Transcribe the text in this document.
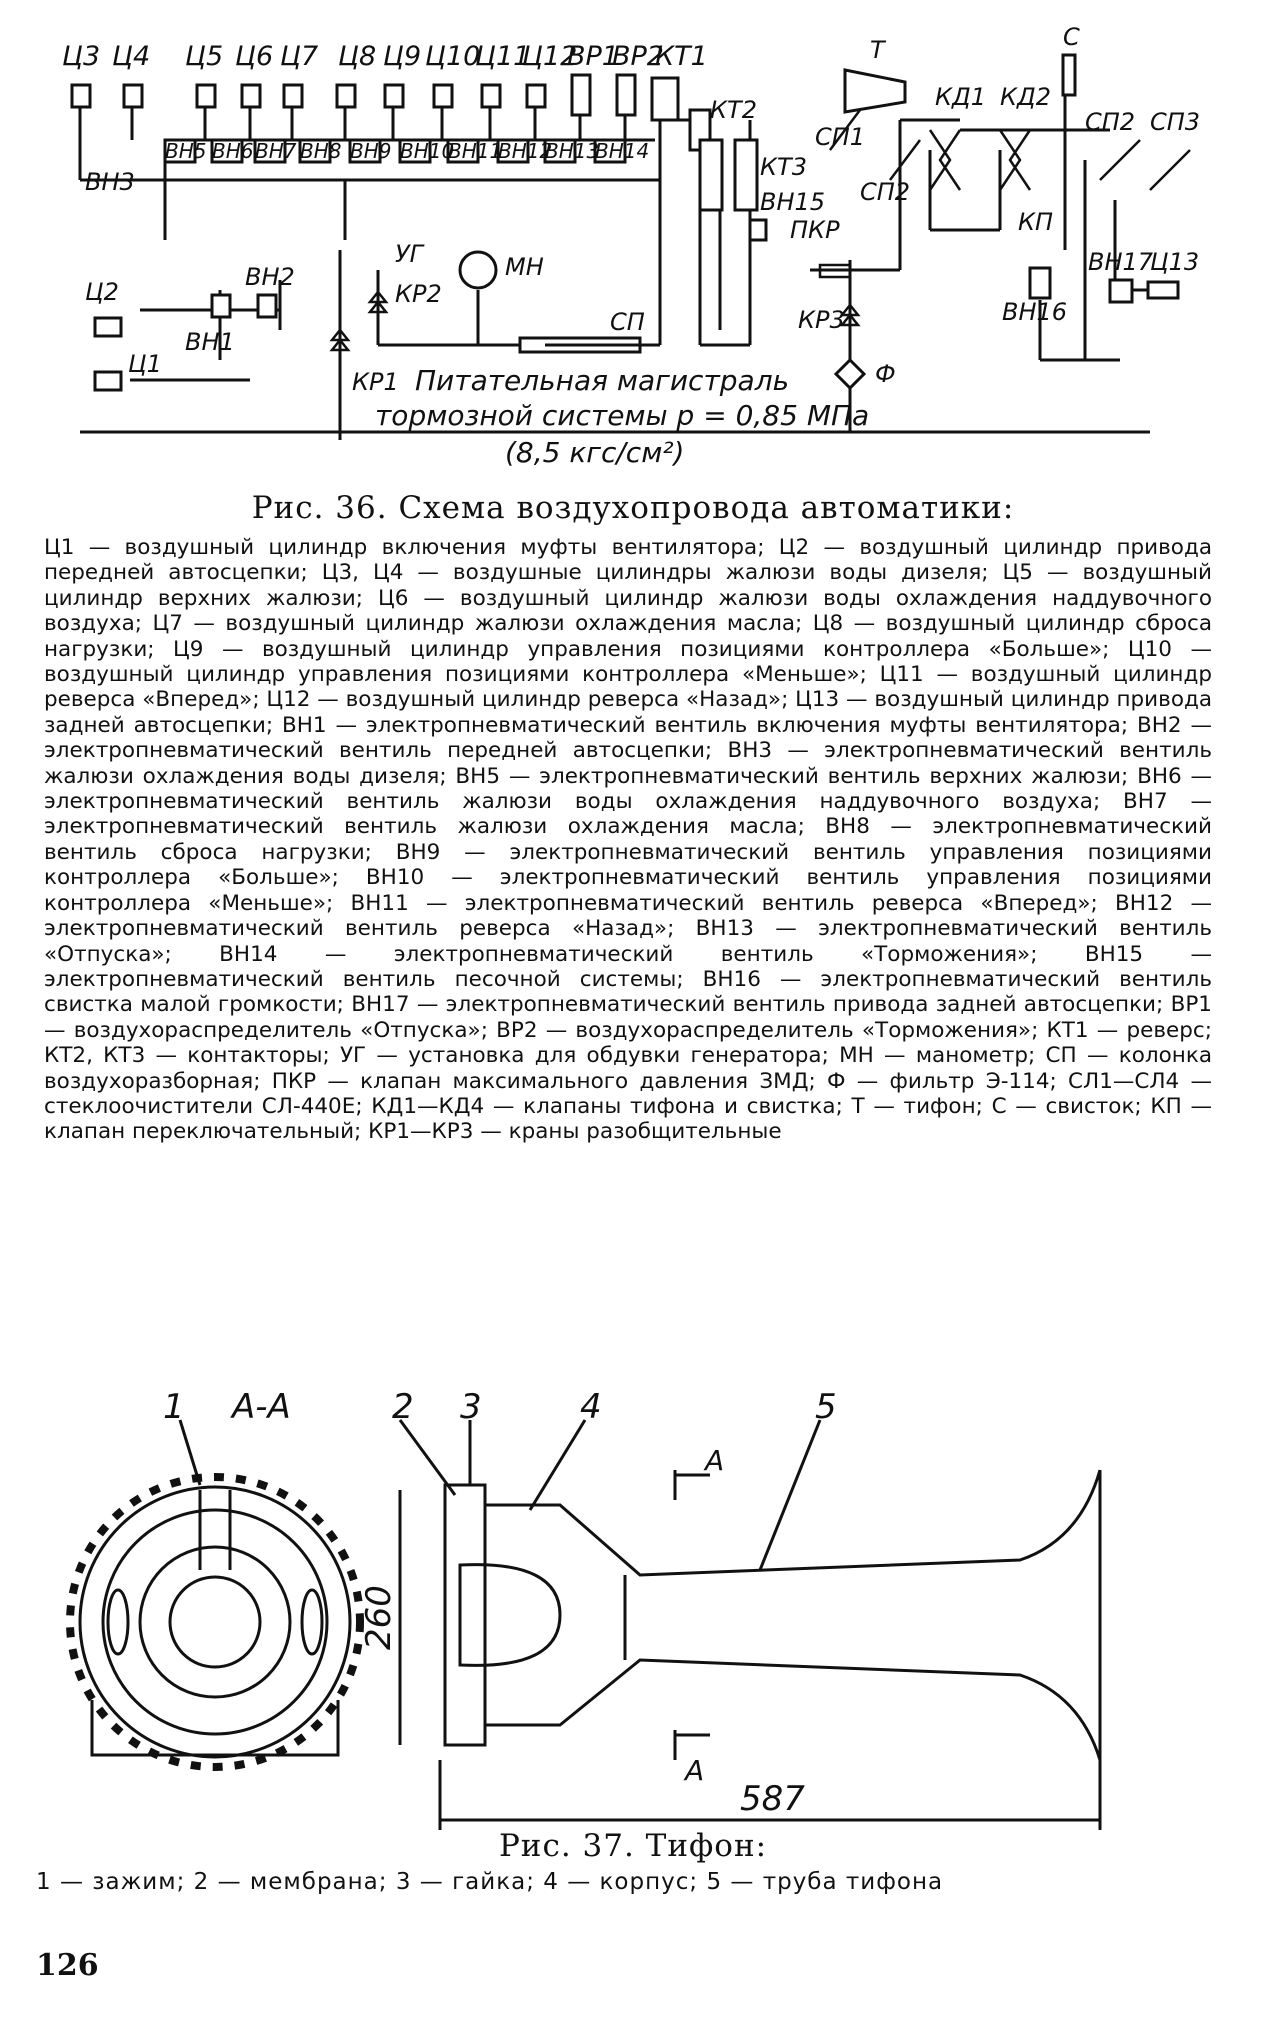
Ц3 Ц4 Ц5 Ц6 Ц7 Ц8 Ц9 Ц10
Ц11
Ц12
ВР1
ВР2
КТ1
ВН5 ВН6 ВН7 ВН8 ВН9 ВН10
ВН11
ВН12
ВН13
ВН14
ВН3
КТ2
КТ3
ВН15
Т	С
КД1 КД2
СП1
СП2
СП2 СП3
КП
ВН17
Ц13
ВН16
ПКР
КР3
Ф
Ц2
Ц1
ВН1
ВН2
УГ
КР2
МН
СП
КР1 Питательная магистраль
тормозной системы p = 0,85 МПа
(8,5 кгс/см²)
Рис. 36. Схема воздухопровода автоматики:
Ц1 — воздушный цилиндр включения муфты вентилятора; Ц2 — воздушный цилиндр привода передней автосцепки; Ц3, Ц4 — воздушные цилиндры жалюзи воды дизеля; Ц5 — воздушный цилиндр верхних жалюзи; Ц6 — воздушный цилиндр жалюзи воды охлаждения наддувочного воздуха; Ц7 — воздушный цилиндр жалюзи охлаждения масла; Ц8 — воздушный цилиндр сброса нагрузки; Ц9 — воздушный цилиндр управления позициями контроллера «Больше»; Ц10 — воздушный цилиндр управления позициями контроллера «Меньше»; Ц11 — воздушный цилиндр реверса «Вперед»; Ц12 — воздушный цилиндр реверса «Назад»; Ц13 — воздушный цилиндр привода задней автосцепки; ВН1 — электропневматический вентиль включения муфты вентилятора; ВН2 — электропневматический вентиль передней автосцепки; ВН3 — электропневматический вентиль жалюзи охлаждения воды дизеля; ВН5 — электропневматический вентиль верхних жалюзи; ВН6 — электропневматический вентиль жалюзи воды охлаждения наддувочного воздуха; ВН7 — электропневматический вентиль жалюзи охлаждения масла; ВН8 — электропневматический вентиль сброса нагрузки; ВН9 — электропневматический вентиль управления позициями контроллера «Больше»; ВН10 — электропневматический вентиль управления позициями контроллера «Меньше»; ВН11 — электропневматический вентиль реверса «Вперед»; ВН12 — электропневматический вентиль реверса «Назад»; ВН13 — электропневматический вентиль «Отпуска»; ВН14 — электропневматический вентиль «Торможения»; ВН15 — электропневматический вентиль песочной системы; ВН16 — электропневматический вентиль свистка малой громкости; ВН17 — электропневматический вентиль привода задней автосцепки; ВР1 — воздухораспределитель «Отпуска»; ВР2 — воздухораспределитель «Торможения»; КТ1 — реверс; КТ2, КТ3 — контакторы; УГ — установка для обдувки генератора; МН — манометр; СП — колонка воздухоразборная; ПКР — клапан максимального давления ЗМД; Ф — фильтр Э-114; СЛ1—СЛ4 — стеклоочистители СЛ-440Е; КД1—КД4 — клапаны тифона и свистка; Т — тифон; С — свисток; КП — клапан переключательный; КР1—КР3 — краны разобщительные
1 А-А	2 3	4	5
А
А
260
587
Рис. 37. Тифон:
1 — зажим; 2 — мембрана; 3 — гайка; 4 — корпус; 5 — труба тифона
126
